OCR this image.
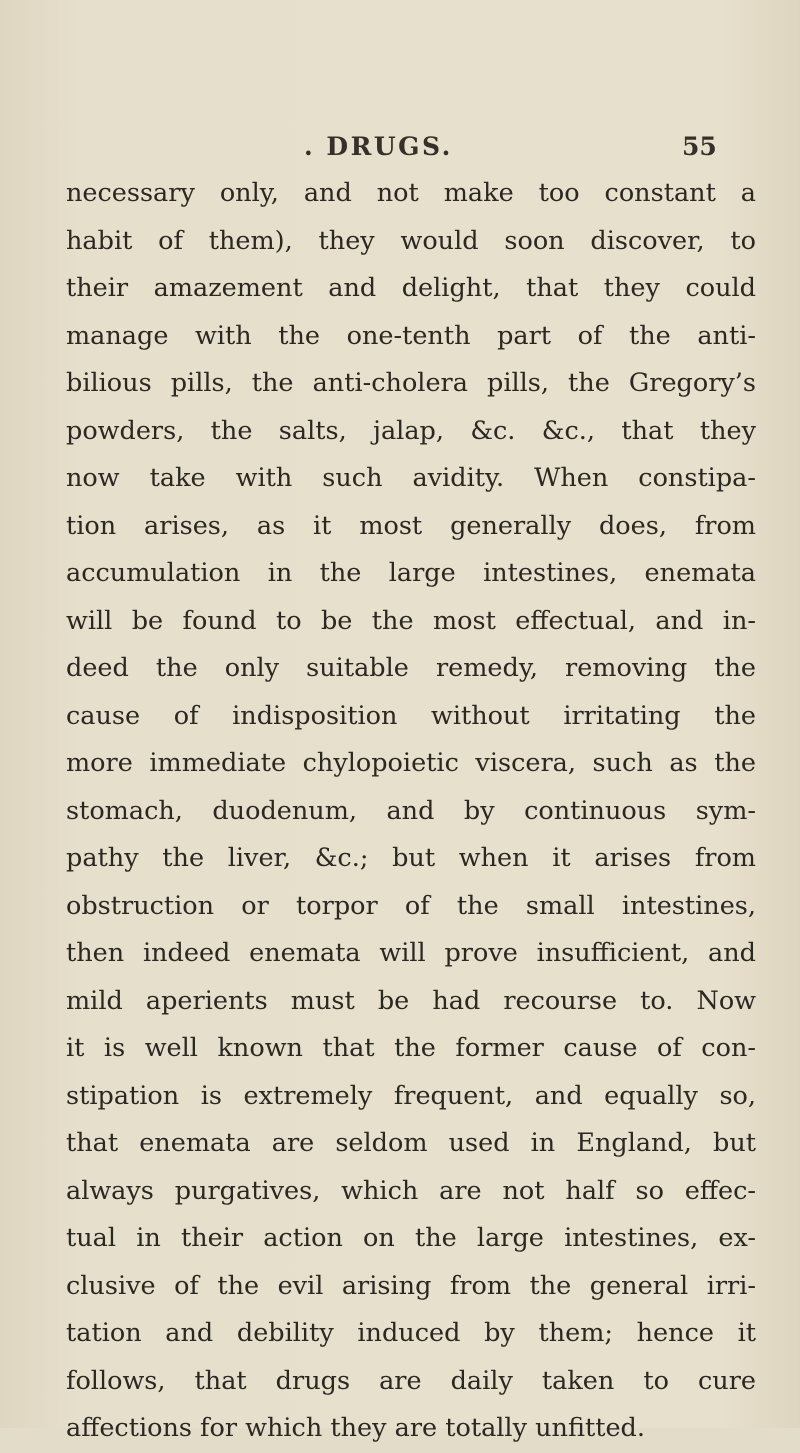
. DRUGS.	55
necessary only, and not make too constant a
habit of them), they would soon discover, to
their amazement and delight, that they could
manage with the one-tenth part of the anti-
bilious pills, the anti-cholera pills, the Gregory’s
powders, the salts, jalap, &c. &c., that they
now take with such avidity. When constipa-
tion arises, as it most generally does, from
accumulation in the large intestines, enemata
will be found to be the most effectual, and in-
deed the only suitable remedy, removing the
cause of indisposition without irritating the
more immediate chylopoietic viscera, such as the
stomach, duodenum, and by continuous sym-
pathy the liver, &c.; but when it arises from
obstruction or torpor of the small intestines,
then indeed enemata will prove insufficient, and
mild aperients must be had recourse to. Now
it is well known that the former cause of con-
stipation is extremely frequent, and equally so,
that enemata are seldom used in England, but
always purgatives, which are not half so effec-
tual in their action on the large intestines, ex-
clusive of the evil arising from the general irri-
tation and debility induced by them; hence it
follows, that drugs are daily taken to cure
affections for which they are totally unfitted.
